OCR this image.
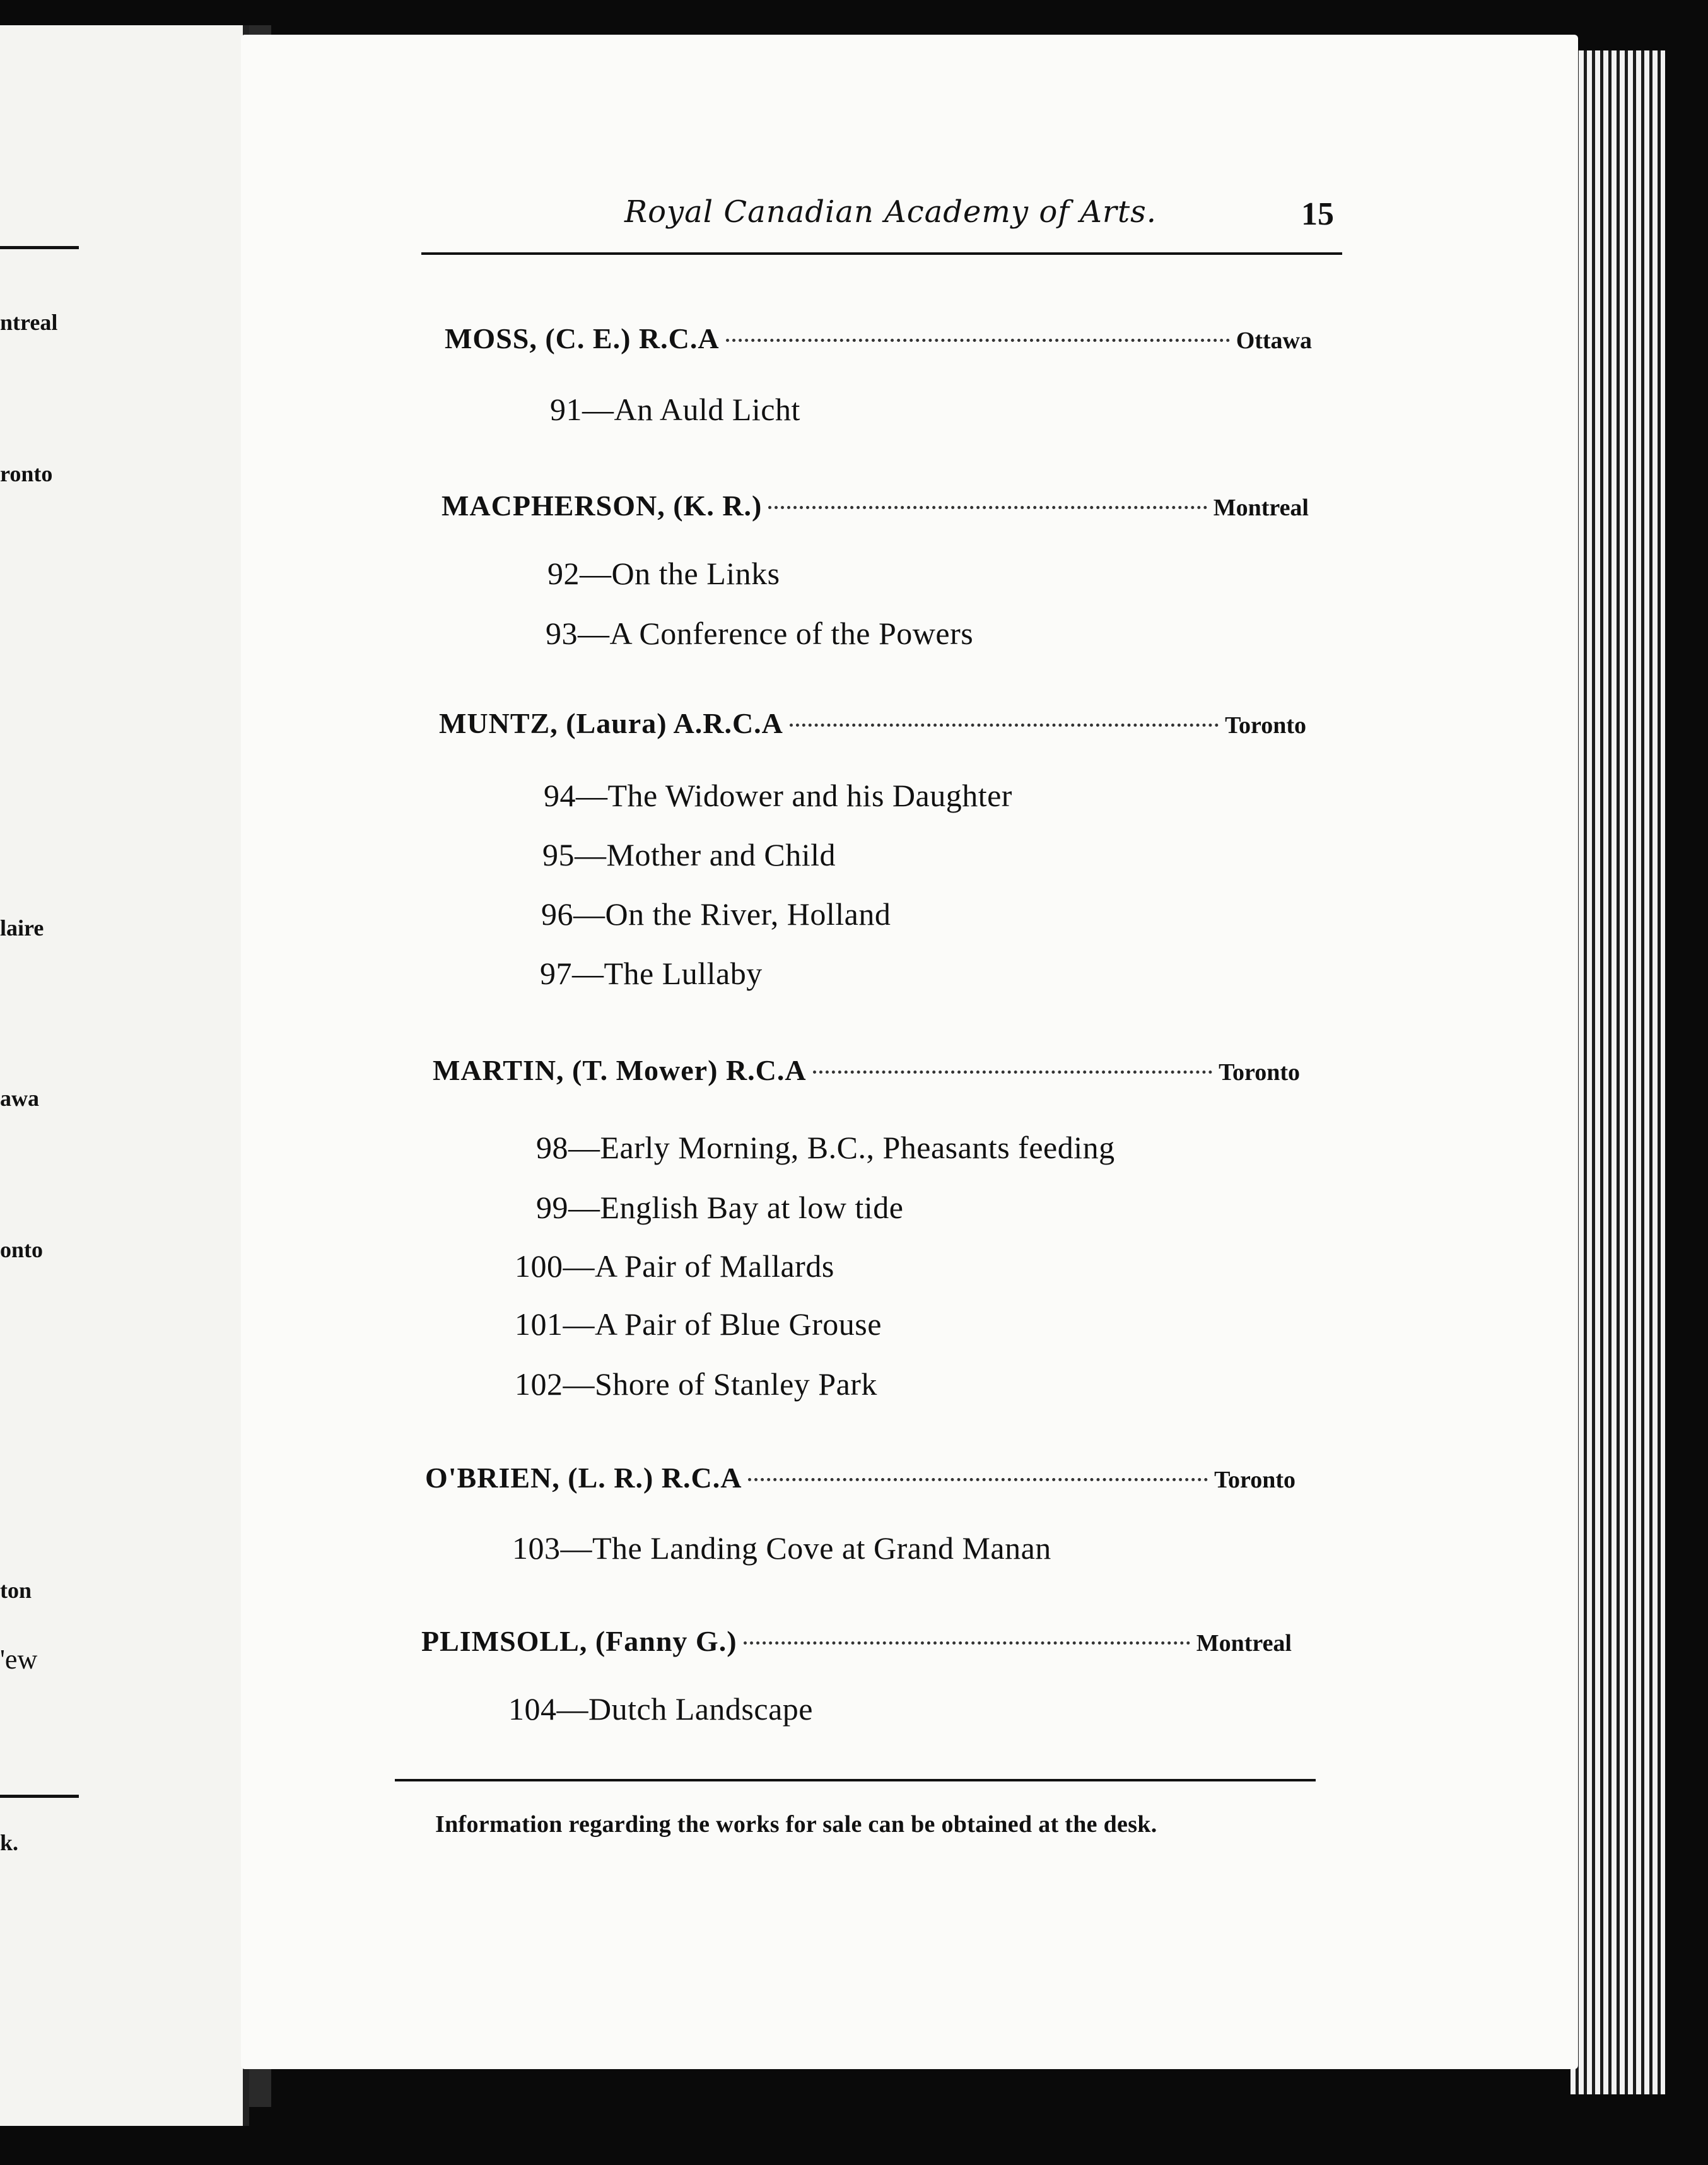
ntreal
ronto
laire
awa
onto
ton
'ew
k.
Royal Canadian Academy of Arts.	15
MOSS, (C. E.) R.C.A	Ottawa
91—An Auld Licht
MACPHERSON, (K. R.)	Montreal
92—On the Links
93—A Conference of the Powers
MUNTZ, (Laura) A.R.C.A	Toronto
94—The Widower and his Daughter
95—Mother and Child
96—On the River, Holland
97—The Lullaby
MARTIN, (T. Mower) R.C.A	Toronto
98—Early Morning, B.C., Pheasants feeding
99—English Bay at low tide
100—A Pair of Mallards
101—A Pair of Blue Grouse
102—Shore of Stanley Park
O'BRIEN, (L. R.) R.C.A	Toronto
103—The Landing Cove at Grand Manan
PLIMSOLL, (Fanny G.)	Montreal
104—Dutch Landscape
Information regarding the works for sale can be obtained at the desk.
